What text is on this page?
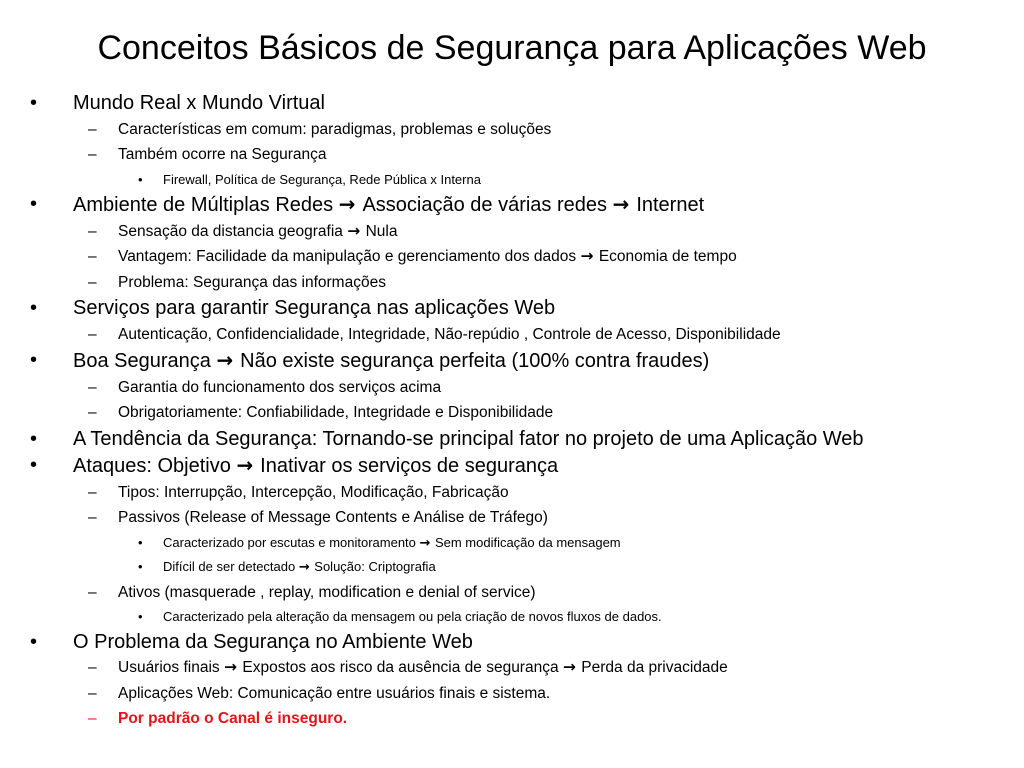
Conceitos Básicos de Segurança para Aplicações Web
• Mundo Real x Mundo Virtual
– Características em comum: paradigmas, problemas e soluções
– Também ocorre na Segurança
• Firewall, Política de Segurança, Rede Pública x Interna
• Ambiente de Múltiplas Redes → Associação de várias redes → Internet
– Sensação da distancia geografia → Nula
– Vantagem: Facilidade da manipulação e gerenciamento dos dados → Economia de tempo
– Problema: Segurança das informações
• Serviços para garantir Segurança nas aplicações Web
– Autenticação, Confidencialidade, Integridade, Não-repúdio , Controle de Acesso, Disponibilidade
• Boa Segurança → Não existe segurança perfeita (100% contra fraudes)
– Garantia do funcionamento dos serviços acima
– Obrigatoriamente: Confiabilidade, Integridade e Disponibilidade
• A Tendência da Segurança: Tornando-se principal fator no projeto de uma Aplicação Web
• Ataques: Objetivo → Inativar os serviços de segurança
– Tipos: Interrupção, Intercepção, Modificação, Fabricação
– Passivos (Release of Message Contents e Análise de Tráfego)
• Caracterizado por escutas e monitoramento → Sem modificação da mensagem
• Difícil de ser detectado → Solução: Criptografia
– Ativos (masquerade , replay, modification e denial of service)
• Caracterizado pela alteração da mensagem ou pela criação de novos fluxos de dados.
• O Problema da Segurança no Ambiente Web
– Usuários finais → Expostos aos risco da ausência de segurança → Perda da privacidade
– Aplicações Web: Comunicação entre usuários finais e sistema.
– Por padrão o Canal é inseguro.
